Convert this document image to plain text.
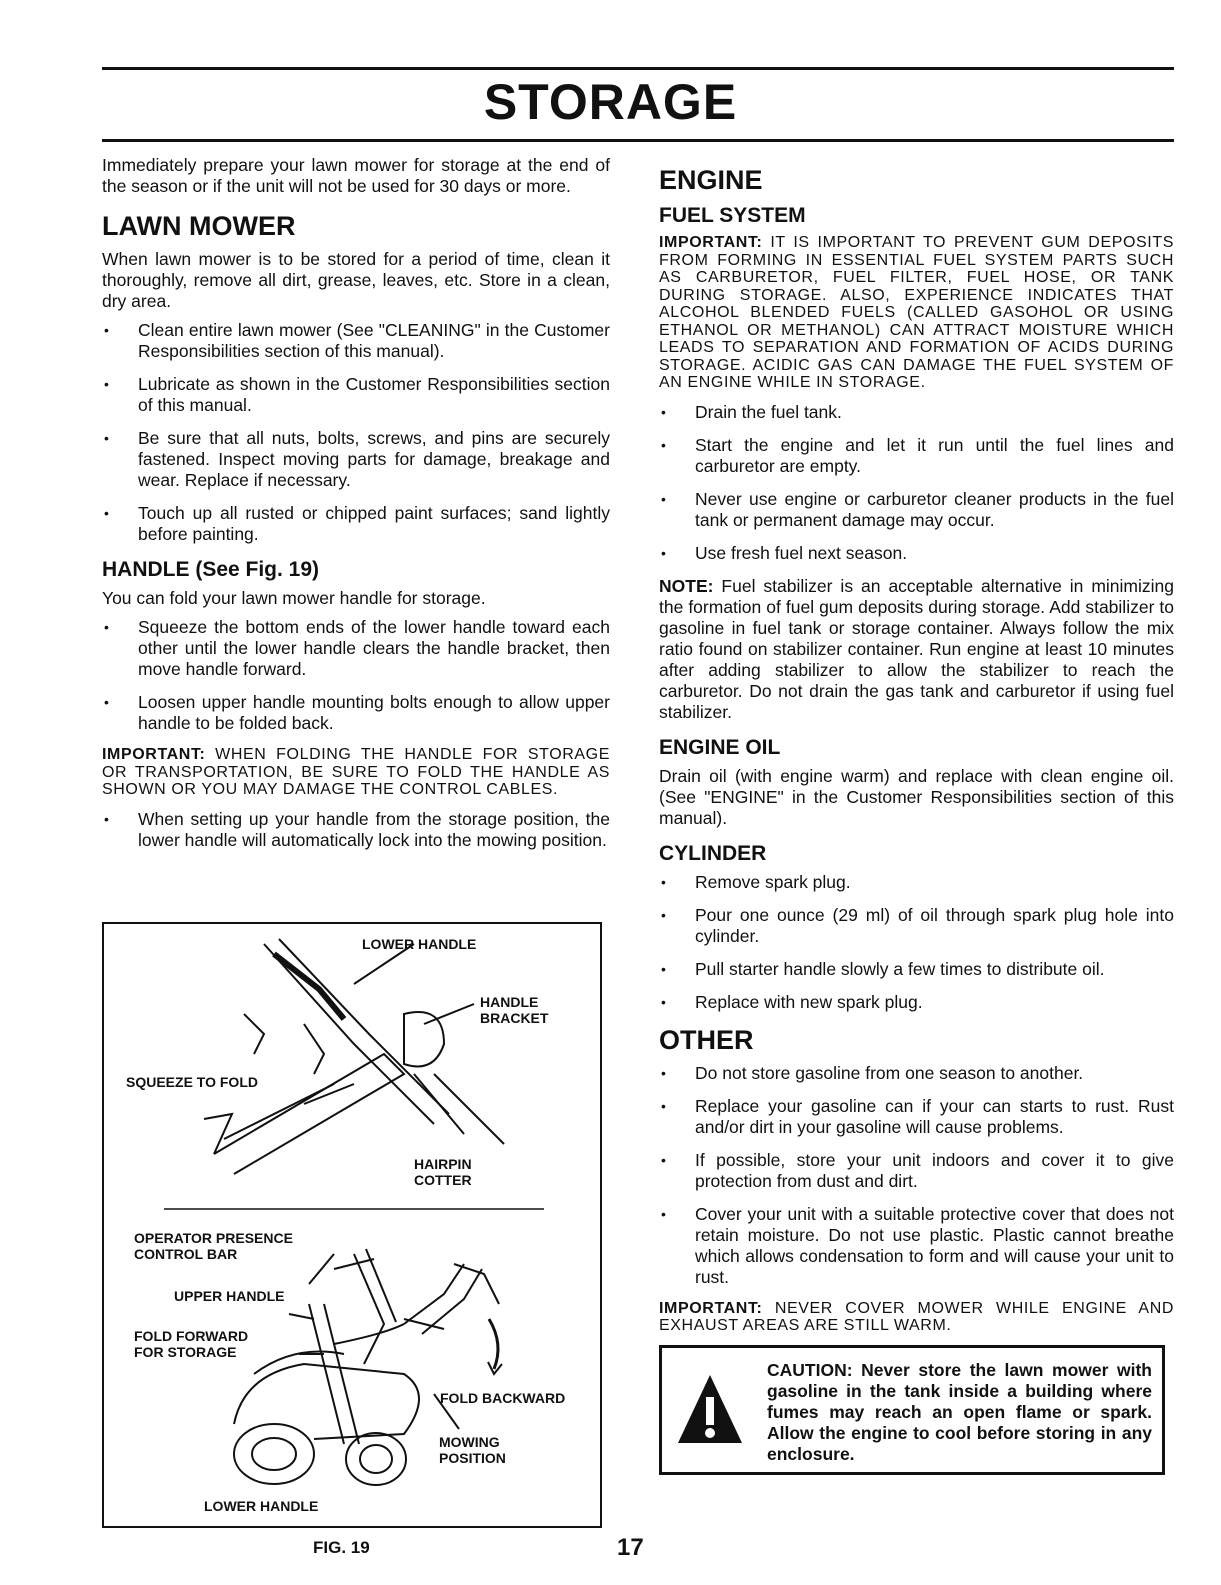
STORAGE

Immediately prepare your lawn mower for storage at the end of the season or if the unit will not be used for 30 days or more.

LAWN MOWER

When lawn mower is to be stored for a period of time, clean it thoroughly, remove all dirt, grease, leaves, etc. Store in a clean, dry area.

• Clean entire lawn mower (See "CLEANING" in the Customer Responsibilities section of this manual).
• Lubricate as shown in the Customer Responsibilities section of this manual.
• Be sure that all nuts, bolts, screws, and pins are securely fastened. Inspect moving parts for damage, breakage and wear. Replace if necessary.
• Touch up all rusted or chipped paint surfaces; sand lightly before painting.
HANDLE (See Fig. 19)

You can fold your lawn mower handle for storage.

• Squeeze the bottom ends of the lower handle toward each other until the lower handle clears the handle bracket, then move handle forward.
• Loosen upper handle mounting bolts enough to allow upper handle to be folded back.
IMPORTANT: WHEN FOLDING THE HANDLE FOR STORAGE OR TRANSPORTATION, BE SURE TO FOLD THE HANDLE AS SHOWN OR YOU MAY DAMAGE THE CONTROL CABLES.
• When setting up your handle from the storage position, the lower handle will automatically lock into the mowing position.
LOWER HANDLE
HANDLE BRACKET
SQUEEZE TO FOLD
HAIRPIN COTTER
OPERATOR PRESENCE CONTROL BAR
UPPER HANDLE
FOLD FORWARD FOR STORAGE
FOLD BACKWARD
MOWING POSITION
LOWER HANDLE
FIG. 19	17
ENGINE
FUEL SYSTEM
IMPORTANT: IT IS IMPORTANT TO PREVENT GUM DEPOSITS FROM FORMING IN ESSENTIAL FUEL SYSTEM PARTS SUCH AS CARBURETOR, FUEL FILTER, FUEL HOSE, OR TANK DURING STORAGE. ALSO, EXPERIENCE INDICATES THAT ALCOHOL BLENDED FUELS (CALLED GASOHOL OR USING ETHANOL OR METHANOL) CAN ATTRACT MOISTURE WHICH LEADS TO SEPARATION AND FORMATION OF ACIDS DURING STORAGE. ACIDIC GAS CAN DAMAGE THE FUEL SYSTEM OF AN ENGINE WHILE IN STORAGE.
• Drain the fuel tank.
• Start the engine and let it run until the fuel lines and carburetor are empty.
• Never use engine or carburetor cleaner products in the fuel tank or permanent damage may occur.
• Use fresh fuel next season.

NOTE: Fuel stabilizer is an acceptable alternative in minimizing the formation of fuel gum deposits during storage. Add stabilizer to gasoline in fuel tank or storage container. Always follow the mix ratio found on stabilizer container. Run engine at least 10 minutes after adding stabilizer to allow the stabilizer to reach the carburetor. Do not drain the gas tank and carburetor if using fuel stabilizer.

ENGINE OIL

Drain oil (with engine warm) and replace with clean engine oil. (See "ENGINE" in the Customer Responsibilities section of this manual).

CYLINDER
• Remove spark plug.
• Pour one ounce (29 ml) of oil through spark plug hole into cylinder.
• Pull starter handle slowly a few times to distribute oil.
• Replace with new spark plug.
OTHER
• Do not store gasoline from one season to another.
• Replace your gasoline can if your can starts to rust. Rust and/or dirt in your gasoline will cause problems.
• If possible, store your unit indoors and cover it to give protection from dust and dirt.
• Cover your unit with a suitable protective cover that does not retain moisture. Do not use plastic. Plastic cannot breathe which allows condensation to form and will cause your unit to rust.
IMPORTANT: NEVER COVER MOWER WHILE ENGINE AND EXHAUST AREAS ARE STILL WARM.
CAUTION: Never store the lawn mower with gasoline in the tank inside a building where fumes may reach an open flame or spark. Allow the engine to cool before storing in any enclosure.
